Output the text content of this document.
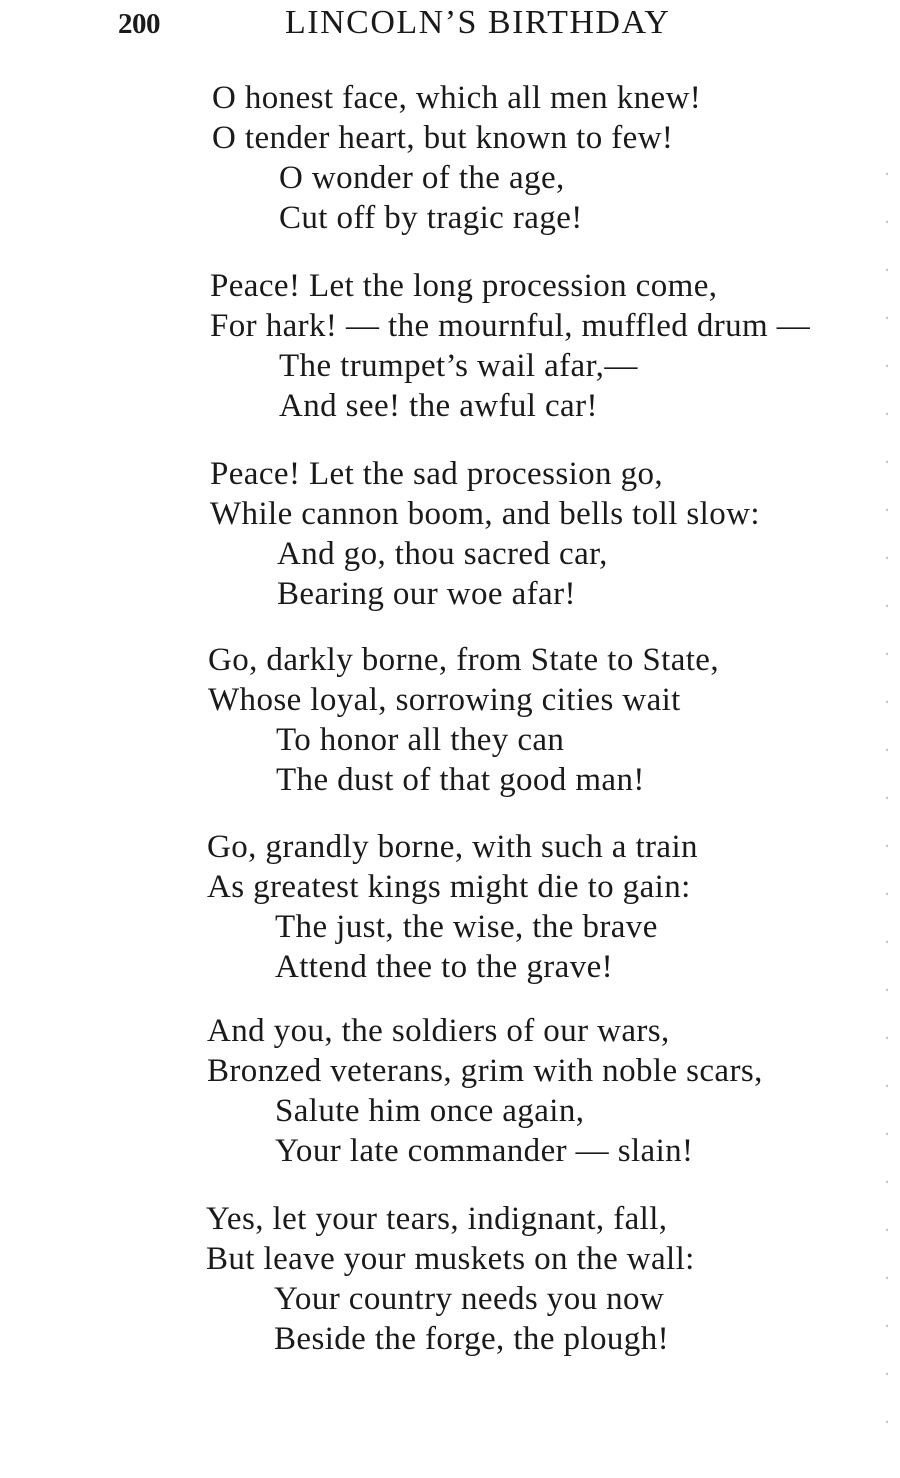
200	LINCOLN’S BIRTHDAY
O honest face, which all men knew!
O tender heart, but known to few!
O wonder of the age,
Cut off by tragic rage!
Peace! Let the long procession come,
For hark! — the mournful, muffled drum —
The trumpet’s wail afar,—
And see! the awful car!
Peace! Let the sad procession go,
While cannon boom, and bells toll slow:
And go, thou sacred car,
Bearing our woe afar!
Go, darkly borne, from State to State,
Whose loyal, sorrowing cities wait
To honor all they can
The dust of that good man!
Go, grandly borne, with such a train
As greatest kings might die to gain:
The just, the wise, the brave
Attend thee to the grave!
And you, the soldiers of our wars,
Bronzed veterans, grim with noble scars,
Salute him once again,
Your late commander — slain!
Yes, let your tears, indignant, fall,
But leave your muskets on the wall:
Your country needs you now
Beside the forge, the plough!
